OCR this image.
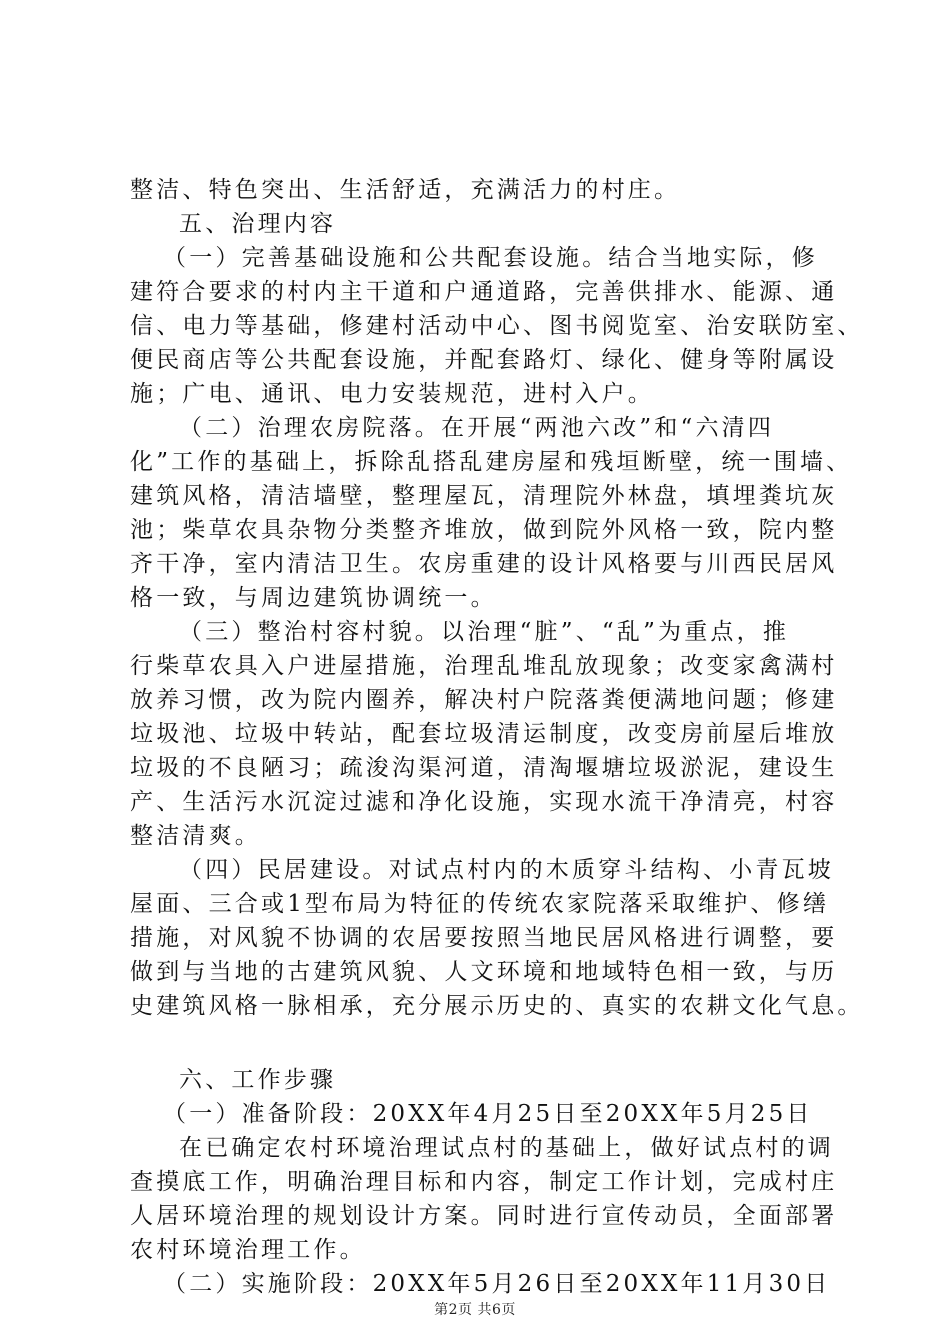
整洁、特色突出、生活舒适，充满活力的村庄。
五、治理内容
（一）完善基础设施和公共配套设施。结合当地实际，修
建符合要求的村内主干道和户通道路，完善供排水、能源、通
信、电力等基础，修建村活动中心、图书阅览室、治安联防室、
便民商店等公共配套设施，并配套路灯、绿化、健身等附属设
施；广电、通讯、电力安装规范，进村入户。
（二）治理农房院落。在开展“两池六改”和“六清四
化”工作的基础上，拆除乱搭乱建房屋和残垣断壁，统一围墙、
建筑风格，清洁墙壁，整理屋瓦，清理院外林盘，填埋粪坑灰
池；柴草农具杂物分类整齐堆放，做到院外风格一致，院内整
齐干净，室内清洁卫生。农房重建的设计风格要与川西民居风
格一致，与周边建筑协调统一。
（三）整治村容村貌。以治理“脏”、“乱”为重点，推
行柴草农具入户进屋措施，治理乱堆乱放现象；改变家禽满村
放养习惯，改为院内圈养，解决村户院落粪便满地问题；修建
垃圾池、垃圾中转站，配套垃圾清运制度，改变房前屋后堆放
垃圾的不良陋习；疏浚沟渠河道，清淘堰塘垃圾淤泥，建设生
产、生活污水沉淀过滤和净化设施，实现水流干净清亮，村容
整洁清爽。
（四）民居建设。对试点村内的木质穿斗结构、小青瓦坡
屋面、三合或1型布局为特征的传统农家院落采取维护、修缮
措施，对风貌不协调的农居要按照当地民居风格进行调整，要
做到与当地的古建筑风貌、人文环境和地域特色相一致，与历
史建筑风格一脉相承，充分展示历史的、真实的农耕文化气息。
六、工作步骤
（一）准备阶段：20XX年4月25日至20XX年5月25日
在已确定农村环境治理试点村的基础上，做好试点村的调
查摸底工作，明确治理目标和内容，制定工作计划，完成村庄
人居环境治理的规划设计方案。同时进行宣传动员，全面部署
农村环境治理工作。
（二）实施阶段：20XX年5月26日至20XX年11月30日
第2页 共6页
